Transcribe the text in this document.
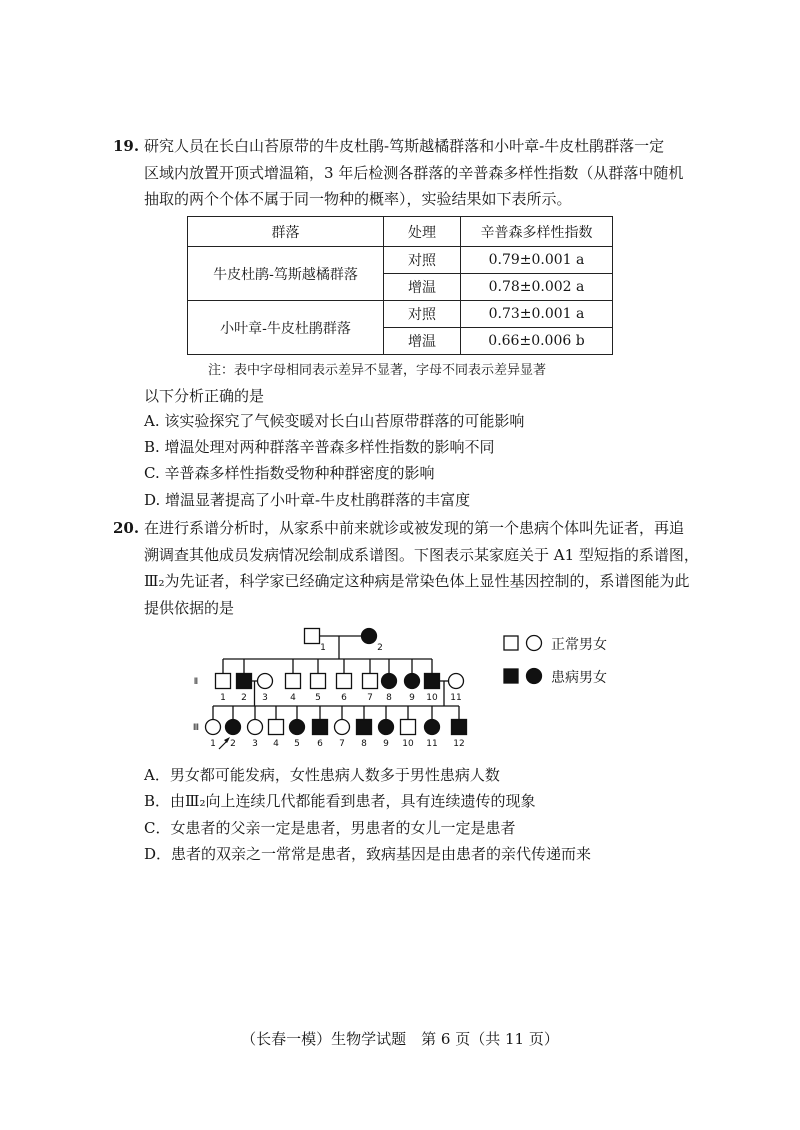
19. 研究人员在长白山苔原带的牛皮杜鹃-笃斯越橘群落和小叶章-牛皮杜鹃群落一定
区域内放置开顶式增温箱，3 年后检测各群落的辛普森多样性指数（从群落中随机
抽取的两个个体不属于同一物种的概率），实验结果如下表所示。
群落	处理	辛普森多样性指数
牛皮杜鹃-笃斯越橘群落	对照	0.79±0.001 a
	增温	0.78±0.002 a
小叶章-牛皮杜鹃群落	对照	0.73±0.001 a
	增温	0.66±0.006 b
注：表中字母相同表示差异不显著，字母不同表示差异显著
以下分析正确的是
A. 该实验探究了气候变暖对长白山苔原带群落的可能影响
B. 增温处理对两种群落辛普森多样性指数的影响不同
C. 辛普森多样性指数受物种种群密度的影响
D. 增温显著提高了小叶章-牛皮杜鹃群落的丰富度
20. 在进行系谱分析时，从家系中前来就诊或被发现的第一个患病个体叫先证者，再追
溯调查其他成员发病情况绘制成系谱图。下图表示某家庭关于 A1 型短指的系谱图，
Ⅲ₂为先证者，科学家已经确定这种病是常染色体上显性基因控制的，系谱图能为此
提供依据的是
1	2
1 2 3 4 5 6 7 8 9 10 11
Ⅱ
1 2 3 4 5 6 7 8 9 10 11 12
Ⅲ
正常男女
患病男女
A．男女都可能发病，女性患病人数多于男性患病人数
B．由Ⅲ₂向上连续几代都能看到患者，具有连续遗传的现象
C．女患者的父亲一定是患者，男患者的女儿一定是患者
D．患者的双亲之一常常是患者，致病基因是由患者的亲代传递而来
（长春一模）生物学试题　第 6 页（共 11 页）
